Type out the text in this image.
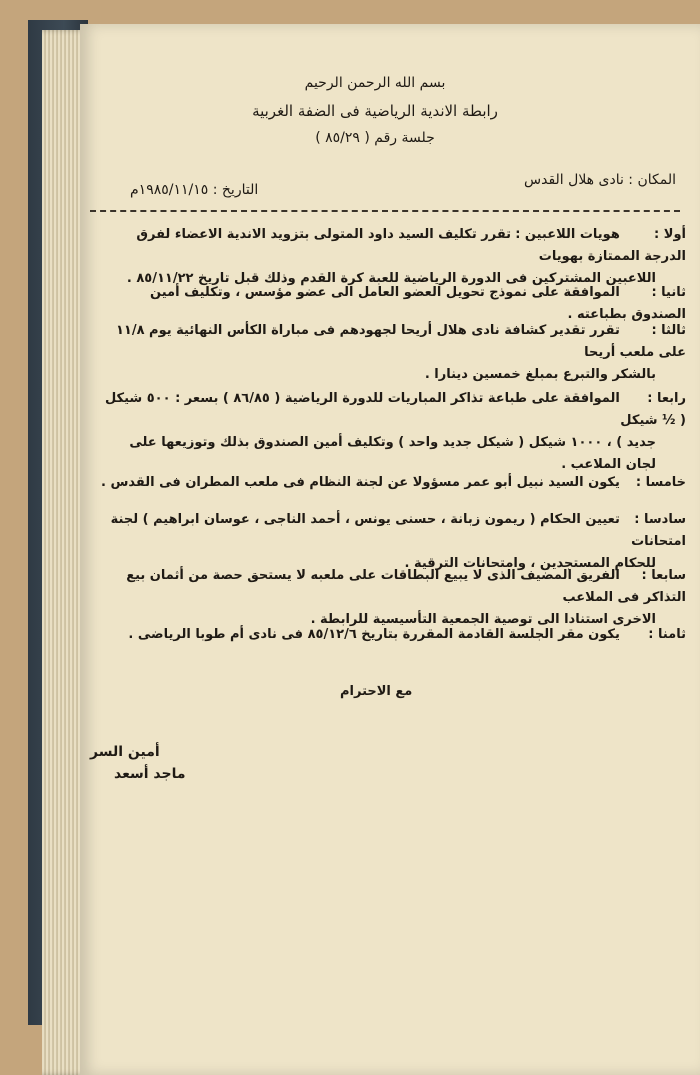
بسم الله الرحمن الرحيم
رابطة الاندية الرياضية فى الضفة الغربية
جلسة رقم ( ٨٥/٢٩ )
المكان : نادى هلال القدس
التاريخ : ١٩٨٥/١١/١٥م
أولا : هويات اللاعبين : تقرر تكليف السيد داود المتولى بتزويد الاندية الاعضاء لفرق الدرجة الممتازة بهويات
اللاعبين المشتركين فى الدورة الرياضية للعبة كرة القدم وذلك قبل تاريخ ٨٥/١١/٢٢ .
ثانيا : الموافقة على نموذج تحويل العضو العامل الى عضو مؤسس ، وتكليف أمين الصندوق بطباعته .
ثالثا : تقرر تقدير كشافة نادى هلال أريحا لجهودهم فى مباراة الكأس النهائية يوم ١١/٨ على ملعب أريحا
بالشكر والتبرع بمبلغ خمسين دينارا .
رابعا : الموافقة على طباعة تذاكر المباريات للدورة الرياضية ( ٨٦/٨٥ ) بسعر : ٥٠٠ شيكل ( ½ شيكل
جديد ) ، ١٠٠٠ شيكل ( شيكل جديد واحد ) وتكليف أمين الصندوق بذلك وتوزيعها على
لجان الملاعب .
خامسا : يكون السيد نبيل أبو عمر مسؤولا عن لجنة النظام فى ملعب المطران فى القدس .
سادسا : تعيين الحكام ( ريمون زبانة ، حسنى يونس ، أحمد الناجى ، عوسان ابراهيم ) لجنة امتحانات
للحكام المستجدين ، وامتحانات الترقية .
سابعا : الفريق المضيف الذى لا يبيع البطاقات على ملعبه لا يستحق حصة من أثمان بيع التذاكر فى الملاعب
الاخرى استنادا الى توصية الجمعية التأسيسية للرابطة .
ثامنا : يكون مقر الجلسة القادمة المقررة بتاريخ ٨٥/١٢/٦ فى نادى أم طوبا الرياضى .
مع الاحترام
أمين السر
ماجد أسعد
